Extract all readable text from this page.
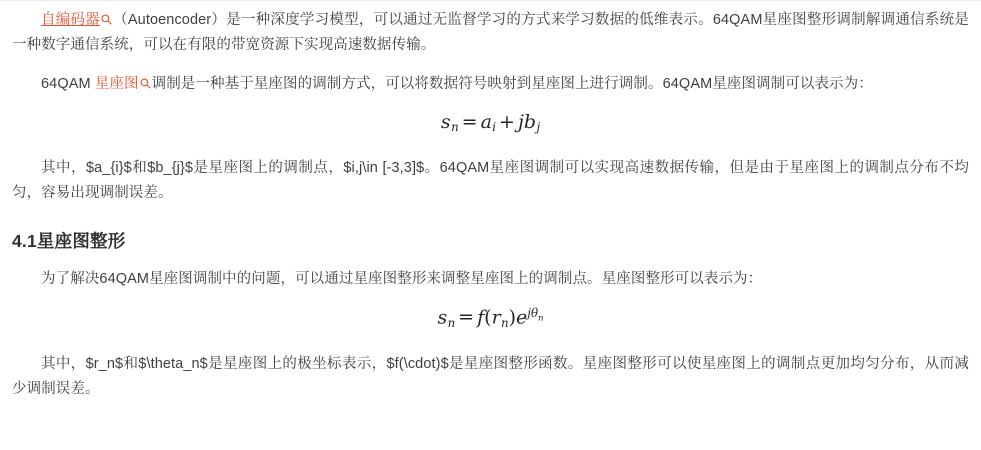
自编码器 （Autoencoder）是一种深度学习模型，可以通过无监督学习的方式来学习数据的低维表示。64QAM星座图整形调制解调通信系统是一种数字通信系统，可以在有限的带宽资源下实现高速数据传输。

64QAM 星座图 调制是一种基于星座图的调制方式，可以将数据符号映射到星座图上进行调制。64QAM星座图调制可以表示为：

$s_n = a_i + jb_j$

其中，$a_{i}$和$b_{j}$是星座图上的调制点，$i,j\in [-3,3]$。64QAM星座图调制可以实现高速数据传输，但是由于星座图上的调制点分布不均匀，容易出现调制误差。

4.1星座图整形

为了解决64QAM星座图调制中的问题，可以通过星座图整形来调整星座图上的调制点。星座图整形可以表示为：

$s_n = f(r_n)e^{j\theta n}$

其中，$r_n$和$\theta_n$是星座图上的极坐标表示，$f(\cdot)$是星座图整形函数。星座图整形可以使星座图上的调制点更加均匀分布，从而减少调制误差。
